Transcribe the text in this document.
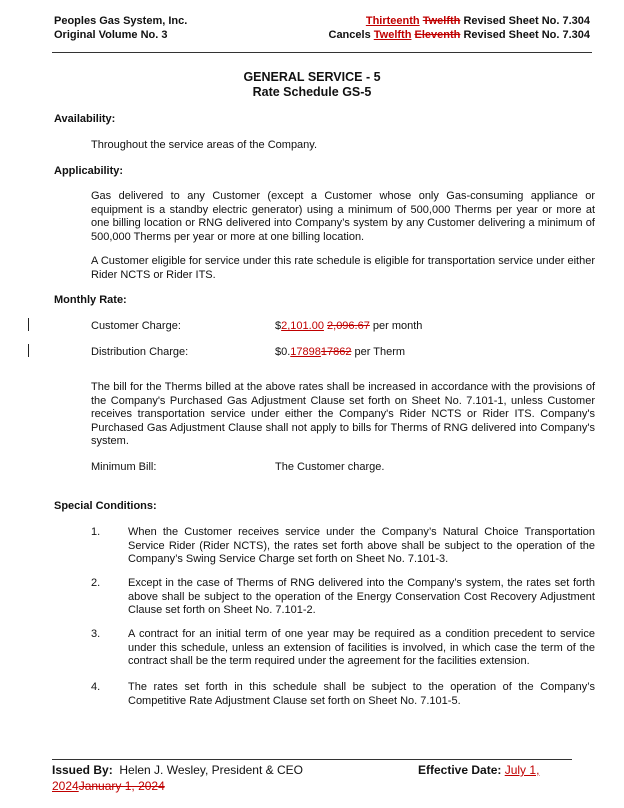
Peoples Gas System, Inc.
Original Volume No. 3
Thirteenth Twelfth Revised Sheet No. 7.304
Cancels Twelfth Eleventh Revised Sheet No. 7.304
GENERAL SERVICE - 5
Rate Schedule GS-5
Availability:
Throughout the service areas of the Company.
Applicability:
Gas delivered to any Customer (except a Customer whose only Gas-consuming appliance or equipment is a standby electric generator) using a minimum of 500,000 Therms per year or more at one billing location or RNG delivered into Company’s system by any Customer delivering a minimum of 500,000 Therms per year or more at one billing location.
A Customer eligible for service under this rate schedule is eligible for transportation service under either Rider NCTS or Rider ITS.
Monthly Rate:
Customer Charge:	$2,101.00 2,096.67 per month
Distribution Charge:	$0.1789817862 per Therm
The bill for the Therms billed at the above rates shall be increased in accordance with the provisions of the Company's Purchased Gas Adjustment Clause set forth on Sheet No. 7.101-1, unless Customer receives transportation service under either the Company's Rider NCTS or Rider ITS. Company's Purchased Gas Adjustment Clause shall not apply to bills for Therms of RNG delivered into Company's system.
Minimum Bill:	The Customer charge.
Special Conditions:
1.	When the Customer receives service under the Company’s Natural Choice Transportation Service Rider (Rider NCTS), the rates set forth above shall be subject to the operation of the Company’s Swing Service Charge set forth on Sheet No. 7.101-3.
2.	Except in the case of Therms of RNG delivered into the Company’s system, the rates set forth above shall be subject to the operation of the Energy Conservation Cost Recovery Adjustment Clause set forth on Sheet No. 7.101-2.
3.	A contract for an initial term of one year may be required as a condition precedent to service under this schedule, unless an extension of facilities is involved, in which case the term of the contract shall be the term required under the agreement for the facilities extension.
4.	The rates set forth in this schedule shall be subject to the operation of the Company’s Competitive Rate Adjustment Clause set forth on Sheet No. 7.101-5.
Issued By: Helen J. Wesley, President & CEO	Effective Date: July 1,
2024January 1, 2024
